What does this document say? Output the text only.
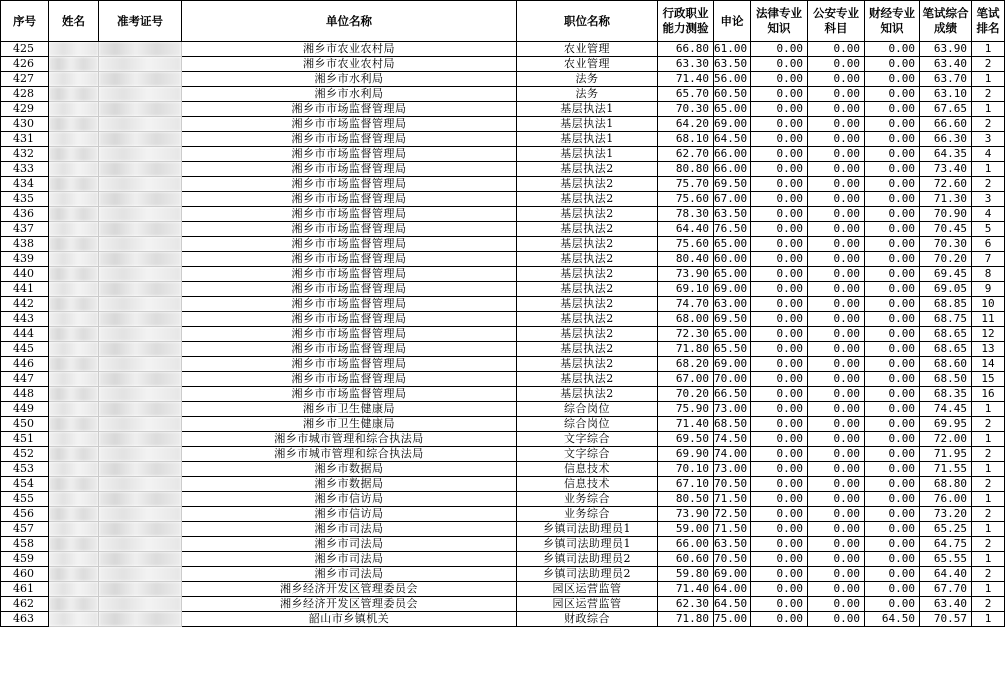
序号	姓名	准考证号	单位名称	职位名称	行政职业能力测验	申论	法律专业知识	公安专业科目	财经专业知识	笔试综合成绩	笔试排名
425			湘乡市农业农村局	农业管理	66.80	61.00	0.00	0.00	0.00	63.90	1
426			湘乡市农业农村局	农业管理	63.30	63.50	0.00	0.00	0.00	63.40	2
427			湘乡市水利局	法务	71.40	56.00	0.00	0.00	0.00	63.70	1
428			湘乡市水利局	法务	65.70	60.50	0.00	0.00	0.00	63.10	2
429			湘乡市市场监督管理局	基层执法1	70.30	65.00	0.00	0.00	0.00	67.65	1
430			湘乡市市场监督管理局	基层执法1	64.20	69.00	0.00	0.00	0.00	66.60	2
431			湘乡市市场监督管理局	基层执法1	68.10	64.50	0.00	0.00	0.00	66.30	3
432			湘乡市市场监督管理局	基层执法1	62.70	66.00	0.00	0.00	0.00	64.35	4
433			湘乡市市场监督管理局	基层执法2	80.80	66.00	0.00	0.00	0.00	73.40	1
434			湘乡市市场监督管理局	基层执法2	75.70	69.50	0.00	0.00	0.00	72.60	2
435			湘乡市市场监督管理局	基层执法2	75.60	67.00	0.00	0.00	0.00	71.30	3
436			湘乡市市场监督管理局	基层执法2	78.30	63.50	0.00	0.00	0.00	70.90	4
437			湘乡市市场监督管理局	基层执法2	64.40	76.50	0.00	0.00	0.00	70.45	5
438			湘乡市市场监督管理局	基层执法2	75.60	65.00	0.00	0.00	0.00	70.30	6
439			湘乡市市场监督管理局	基层执法2	80.40	60.00	0.00	0.00	0.00	70.20	7
440			湘乡市市场监督管理局	基层执法2	73.90	65.00	0.00	0.00	0.00	69.45	8
441			湘乡市市场监督管理局	基层执法2	69.10	69.00	0.00	0.00	0.00	69.05	9
442			湘乡市市场监督管理局	基层执法2	74.70	63.00	0.00	0.00	0.00	68.85	10
443			湘乡市市场监督管理局	基层执法2	68.00	69.50	0.00	0.00	0.00	68.75	11
444			湘乡市市场监督管理局	基层执法2	72.30	65.00	0.00	0.00	0.00	68.65	12
445			湘乡市市场监督管理局	基层执法2	71.80	65.50	0.00	0.00	0.00	68.65	13
446			湘乡市市场监督管理局	基层执法2	68.20	69.00	0.00	0.00	0.00	68.60	14
447			湘乡市市场监督管理局	基层执法2	67.00	70.00	0.00	0.00	0.00	68.50	15
448			湘乡市市场监督管理局	基层执法2	70.20	66.50	0.00	0.00	0.00	68.35	16
449			湘乡市卫生健康局	综合岗位	75.90	73.00	0.00	0.00	0.00	74.45	1
450			湘乡市卫生健康局	综合岗位	71.40	68.50	0.00	0.00	0.00	69.95	2
451			湘乡市城市管理和综合执法局	文字综合	69.50	74.50	0.00	0.00	0.00	72.00	1
452			湘乡市城市管理和综合执法局	文字综合	69.90	74.00	0.00	0.00	0.00	71.95	2
453			湘乡市数据局	信息技术	70.10	73.00	0.00	0.00	0.00	71.55	1
454			湘乡市数据局	信息技术	67.10	70.50	0.00	0.00	0.00	68.80	2
455			湘乡市信访局	业务综合	80.50	71.50	0.00	0.00	0.00	76.00	1
456			湘乡市信访局	业务综合	73.90	72.50	0.00	0.00	0.00	73.20	2
457			湘乡市司法局	乡镇司法助理员1	59.00	71.50	0.00	0.00	0.00	65.25	1
458			湘乡市司法局	乡镇司法助理员1	66.00	63.50	0.00	0.00	0.00	64.75	2
459			湘乡市司法局	乡镇司法助理员2	60.60	70.50	0.00	0.00	0.00	65.55	1
460			湘乡市司法局	乡镇司法助理员2	59.80	69.00	0.00	0.00	0.00	64.40	2
461			湘乡经济开发区管理委员会	园区运营监管	71.40	64.00	0.00	0.00	0.00	67.70	1
462			湘乡经济开发区管理委员会	园区运营监管	62.30	64.50	0.00	0.00	0.00	63.40	2
463			韶山市乡镇机关	财政综合	71.80	75.00	0.00	0.00	64.50	70.57	1
